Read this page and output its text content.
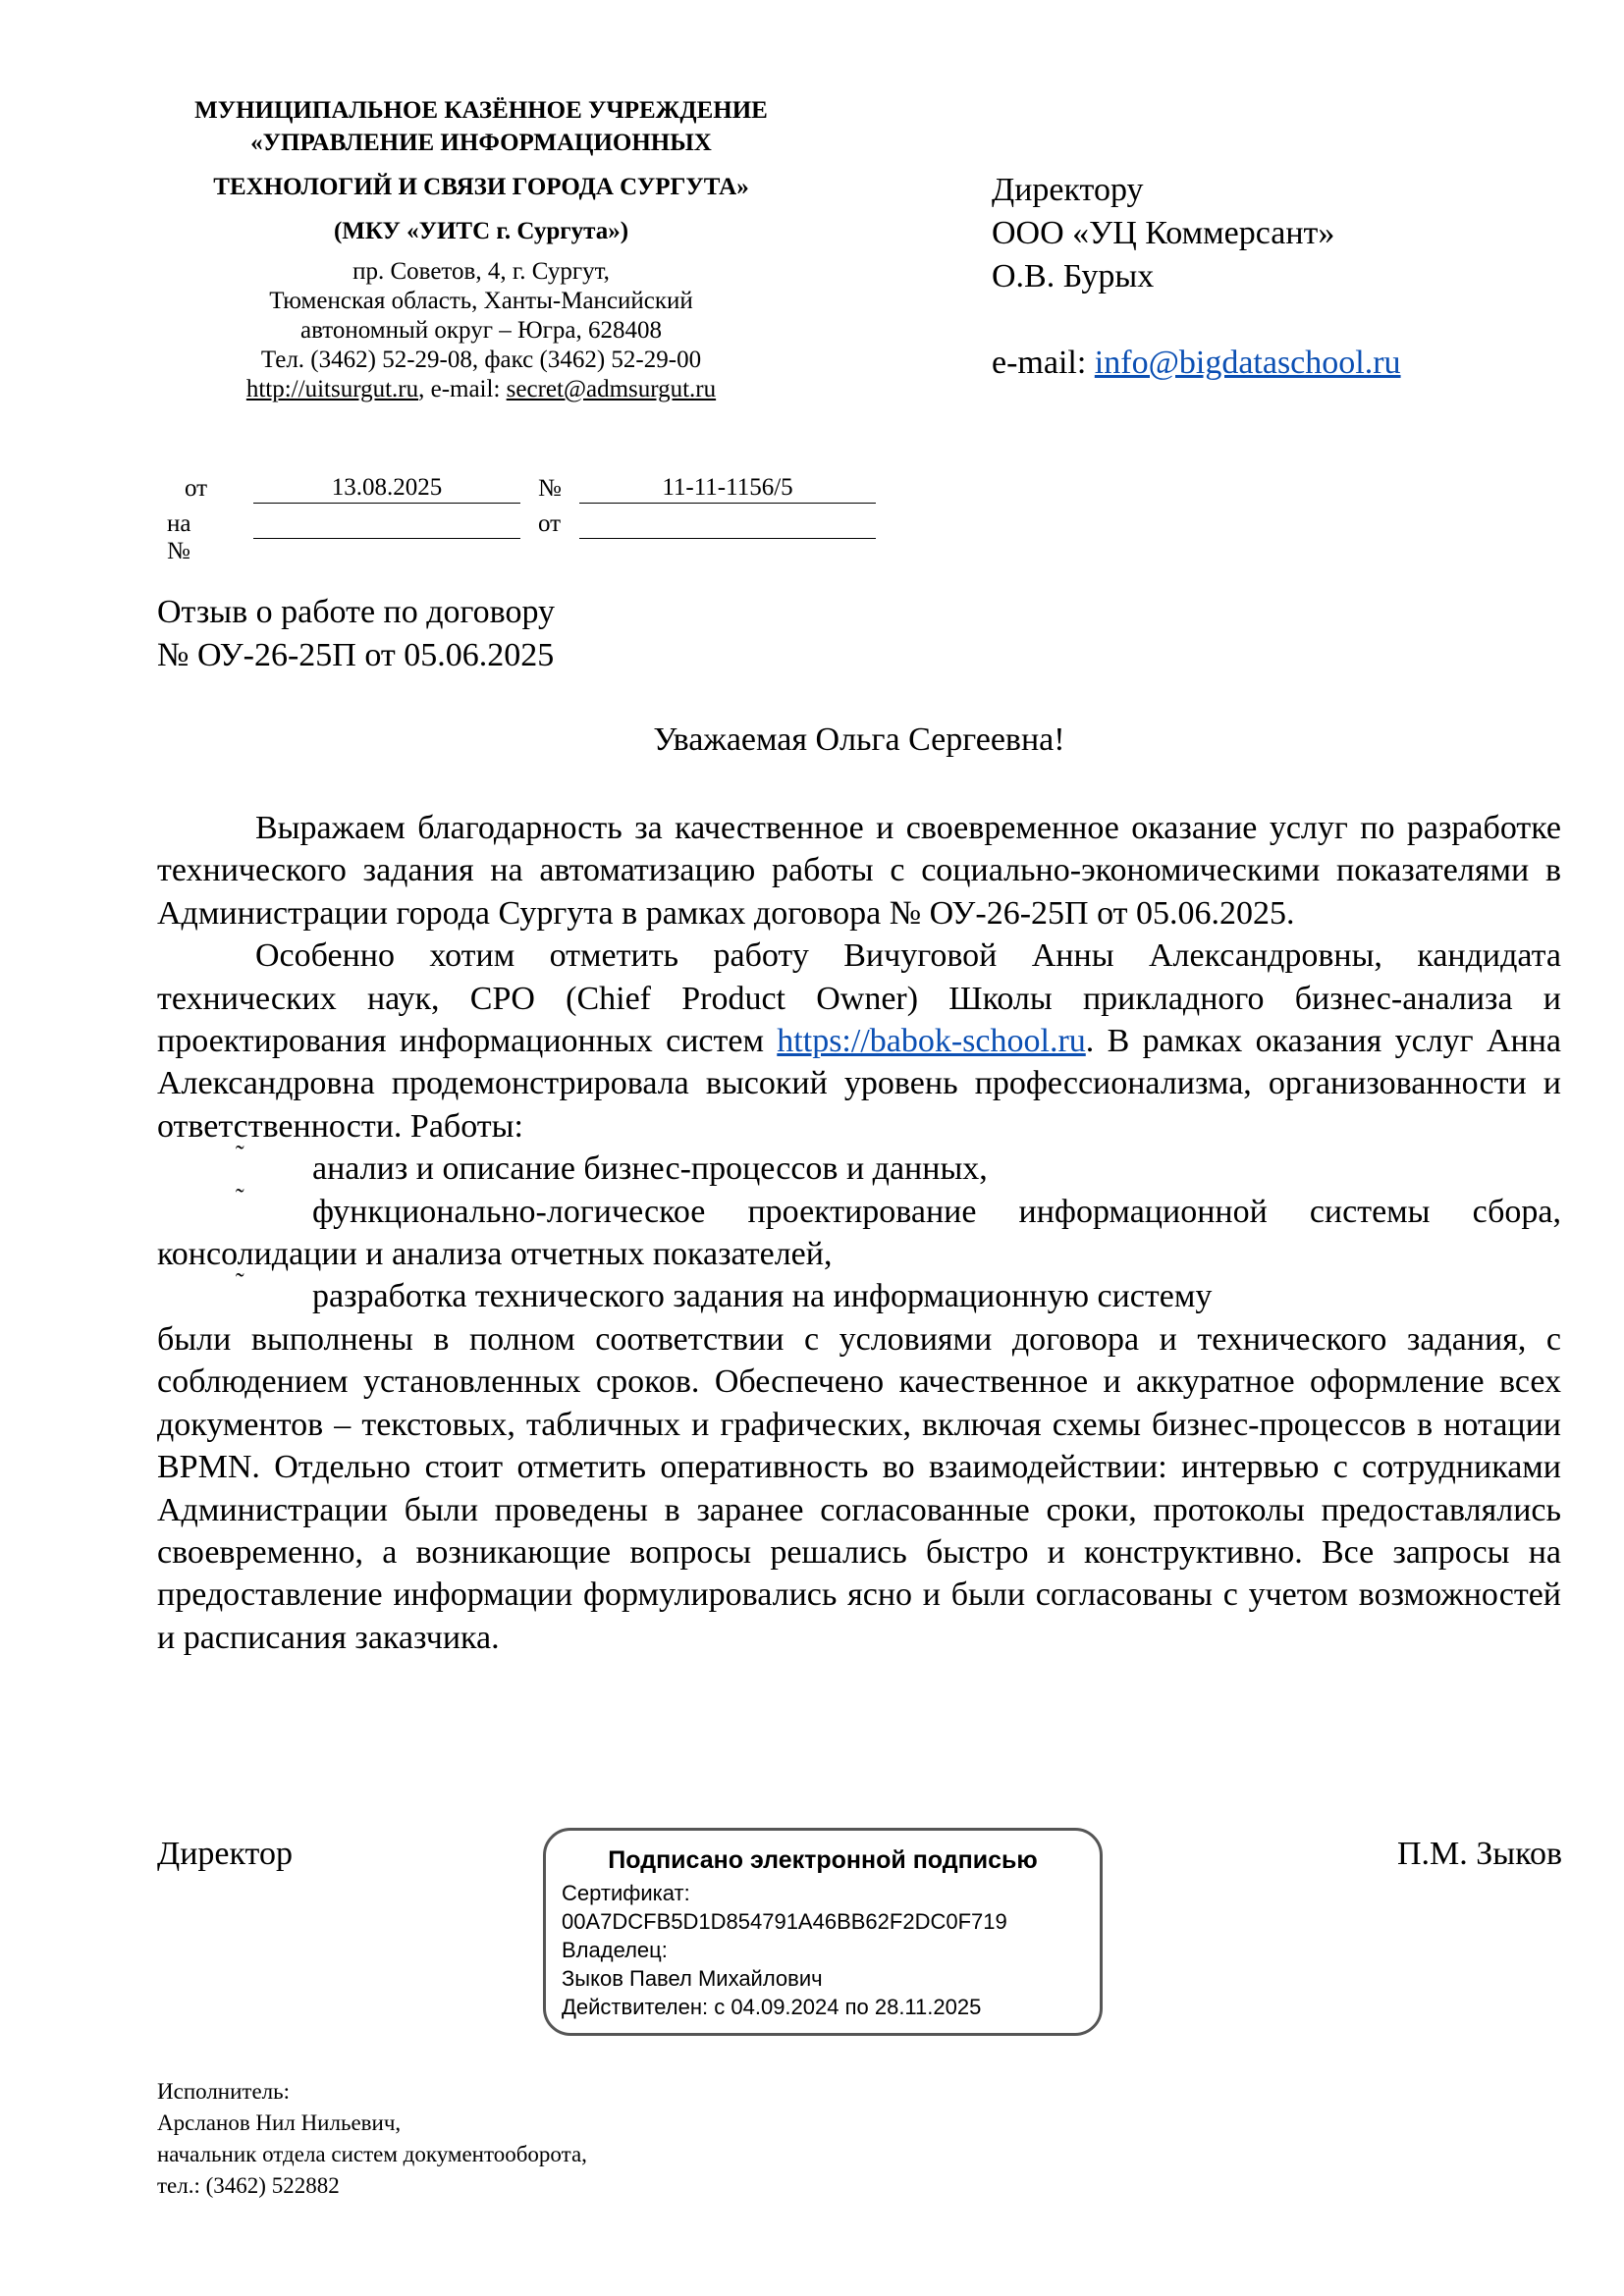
МУНИЦИПАЛЬНОЕ КАЗЁННОЕ УЧРЕЖДЕНИЕ
«УПРАВЛЕНИЕ ИНФОРМАЦИОННЫХ
ТЕХНОЛОГИЙ И СВЯЗИ ГОРОДА СУРГУТА»
(МКУ «УИТС г. Сургута»)
пр. Советов, 4, г. Сургут,
Тюменская область, Ханты-Мансийский
автономный округ – Югра, 628408
Тел. (3462) 52-29-08, факс (3462) 52-29-00
http://uitsurgut.ru, e-mail: secret@admsurgut.ru
от	13.08.2025	№	11-11-1156/5
на №
от
Директору
ООО «УЦ Коммерсант»
О.В. Бурых
e-mail: info@bigdataschool.ru
Отзыв о работе по договору
№ ОУ-26-25П от 05.06.2025
Уважаемая Ольга Сергеевна!

Выражаем благодарность за качественное и своевременное оказание услуг по разработке технического задания на автоматизацию работы с социально-экономическими показателями в Администрации города Сургута в рамках договора № ОУ-26-25П от 05.06.2025.

Особенно хотим отметить работу Вичуговой Анны Александровны, кандидата технических наук, CPO (Chief Product Owner) Школы прикладного бизнес-анализа и проектирования информационных систем https://babok-school.ru. В рамках оказания услуг Анна Александровна продемонстрировала высокий уровень профессионализма, организованности и ответственности. Работы:

˜ анализ и описание бизнес-процессов и данных,

˜ функционально-логическое проектирование информационной системы сбора, консолидации и анализа отчетных показателей,

˜ разработка технического задания на информационную систему

были выполнены в полном соответствии с условиями договора и технического задания, с соблюдением установленных сроков. Обеспечено качественное и аккуратное оформление всех документов – текстовых, табличных и графических, включая схемы бизнес-процессов в нотации BPMN. Отдельно стоит отметить оперативность во взаимодействии: интервью с сотрудниками Администрации были проведены в заранее согласованные сроки, протоколы предоставлялись своевременно, а возникающие вопросы решались быстро и конструктивно. Все запросы на предоставление информации формулировались ясно и были согласованы с учетом возможностей и расписания заказчика.

Директор	Подписано электронной подписью
Сертификат:
00A7DCFB5D1D854791A46BB62F2DC0F719
Владелец:
Зыков Павел Михайлович
Действителен: с 04.09.2024 по 28.11.2025
П.М. Зыков
Исполнитель:
Арсланов Нил Нильевич,
начальник отдела систем документооборота,
тел.: (3462) 522882
